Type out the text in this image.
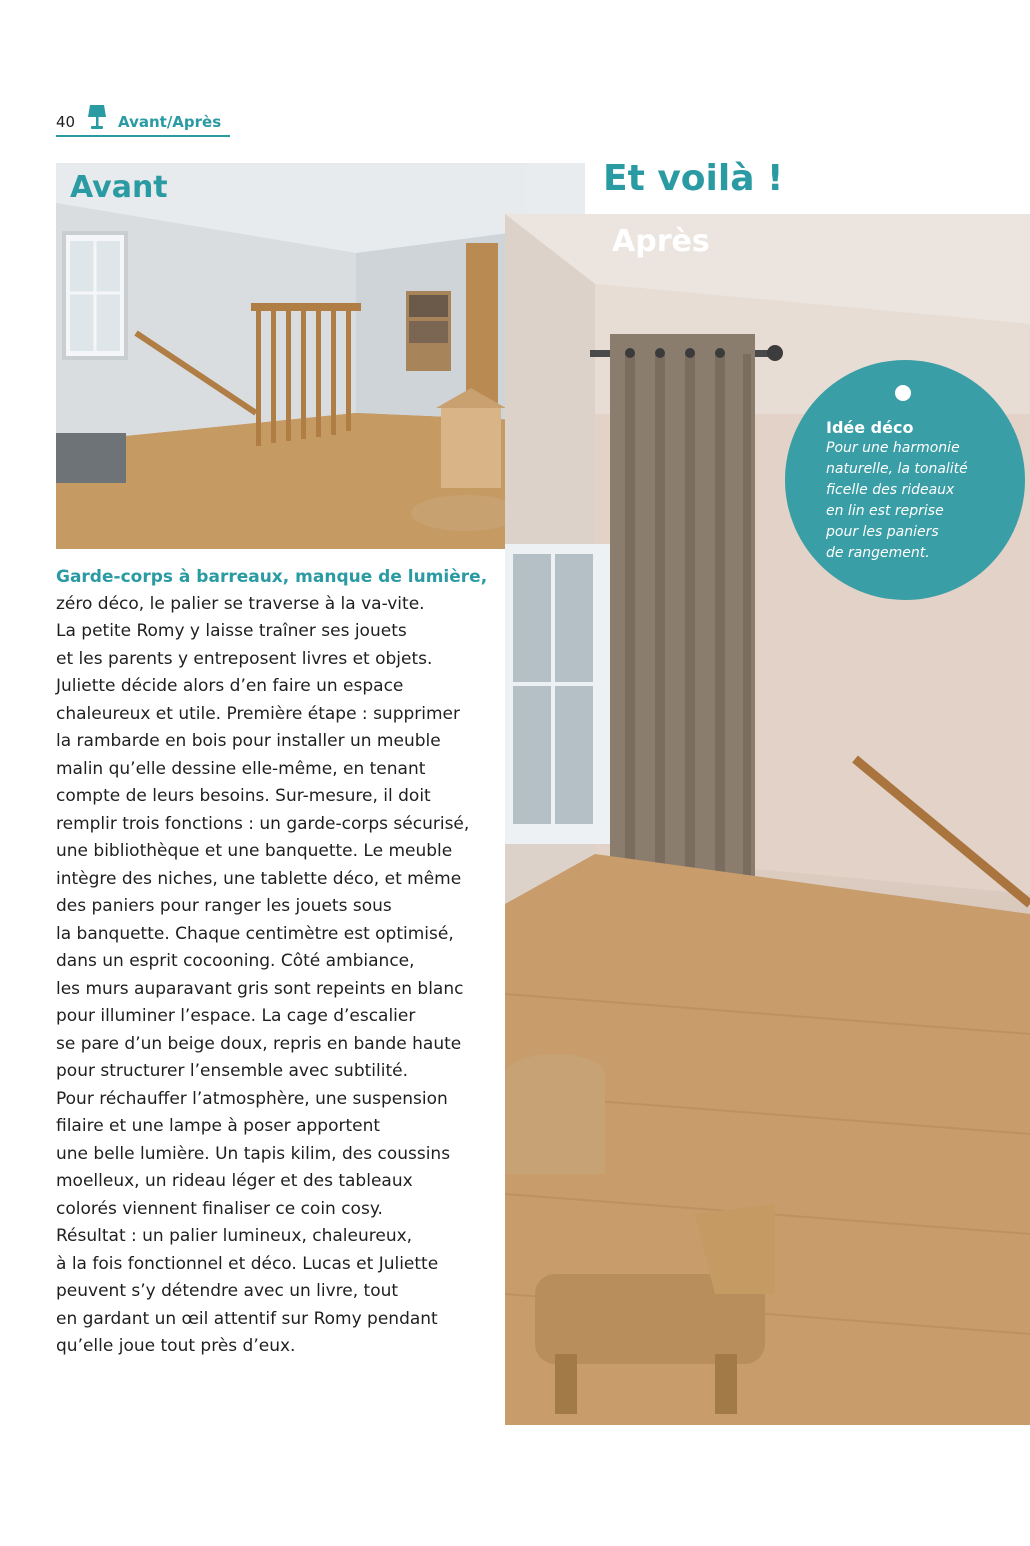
40	Avant/Après
Avant	Et voilà !
Après
Idée déco
Pour une harmonie
naturelle, la tonalité
ficelle des rideaux
en lin est reprise
pour les paniers
de rangement.
Garde-corps à barreaux, manque de lumière,
zéro déco, le palier se traverse à la va-vite.
La petite Romy y laisse traîner ses jouets
et les parents y entreposent livres et objets.
Juliette décide alors d’en faire un espace
chaleureux et utile. Première étape : supprimer
la rambarde en bois pour installer un meuble
malin qu’elle dessine elle-même, en tenant
compte de leurs besoins. Sur-mesure, il doit
remplir trois fonctions : un garde-corps sécurisé,
une bibliothèque et une banquette. Le meuble
intègre des niches, une tablette déco, et même
des paniers pour ranger les jouets sous
la banquette. Chaque centimètre est optimisé,
dans un esprit cocooning. Côté ambiance,
les murs auparavant gris sont repeints en blanc
pour illuminer l’espace. La cage d’escalier
se pare d’un beige doux, repris en bande haute
pour structurer l’ensemble avec subtilité.
Pour réchauffer l’atmosphère, une suspension
filaire et une lampe à poser apportent
une belle lumière. Un tapis kilim, des coussins
moelleux, un rideau léger et des tableaux
colorés viennent finaliser ce coin cosy.
Résultat : un palier lumineux, chaleureux,
à la fois fonctionnel et déco. Lucas et Juliette
peuvent s’y détendre avec un livre, tout
en gardant un œil attentif sur Romy pendant
qu’elle joue tout près d’eux.
